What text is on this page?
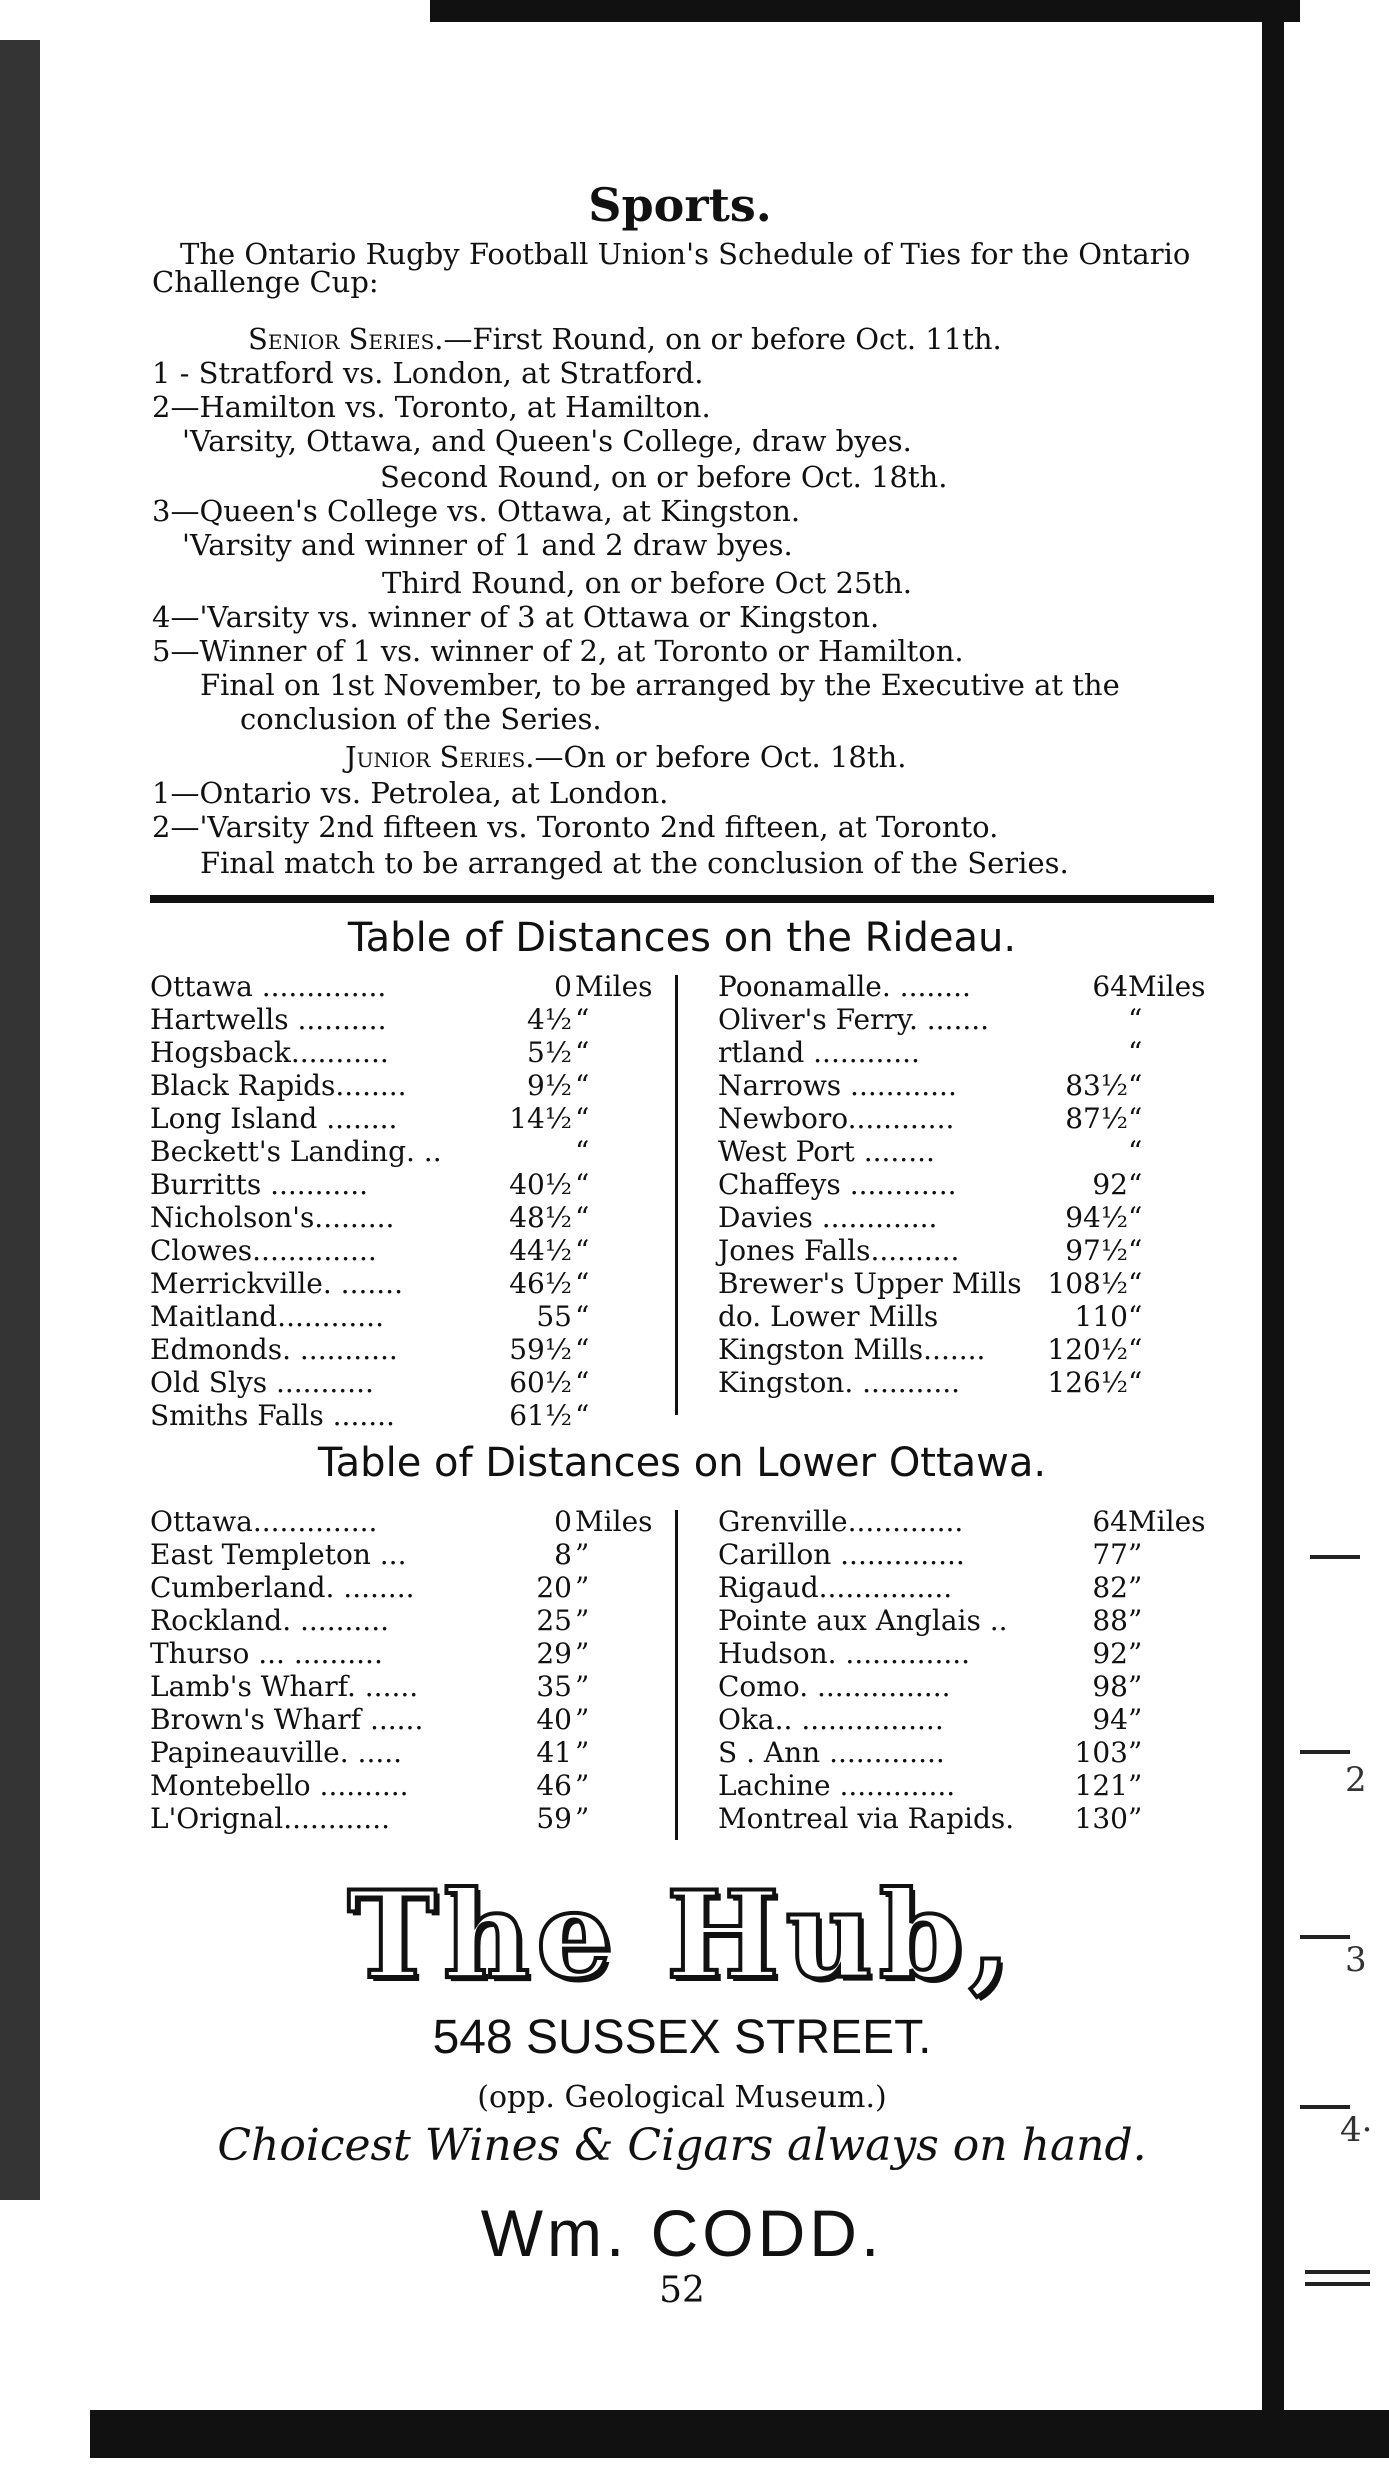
2
3
4·
Sports.
The Ontario Rugby Football Union's Schedule of Ties for the Ontario Challenge Cup:
Senior Series.—First Round, on or before Oct. 11th.
1 - Stratford vs. London, at Stratford.
2—Hamilton vs. Toronto, at Hamilton.
'Varsity, Ottawa, and Queen's College, draw byes.
Second Round, on or before Oct. 18th.
3—Queen's College vs. Ottawa, at Kingston.
'Varsity and winner of 1 and 2 draw byes.
Third Round, on or before Oct 25th.
4—'Varsity vs. winner of 3 at Ottawa or Kingston.
5—Winner of 1 vs. winner of 2, at Toronto or Hamilton.
Final on 1st November, to be arranged by the Executive at the
conclusion of the Series.
Junior Series.—On or before Oct. 18th.
1—Ontario vs. Petrolea, at London.
2—'Varsity 2nd fifteen vs. Toronto 2nd fifteen, at Toronto.
Final match to be arranged at the conclusion of the Series.
Table of Distances on the Rideau.
Ottawa ..............	0 Miles
Hartwells ..........	4½ “
Hogsback...........	5½ “
Black Rapids........	9½ “
Long Island ........	14½ “
Beckett's Landing. ..	“
Burritts ...........	40½ “
Nicholson's.........	48½ “
Clowes..............	44½ “
Merrickville. .......	46½ “
Maitland............	55 “
Edmonds. ...........	59½ “
Old Slys ...........	60½ “
Smiths Falls .......	61½ “
Poonamalle. ........	64 Miles
Oliver's Ferry. .......	“
rtland ............	“
Narrows ............	83½ “
Newboro............	87½ “
West Port ........	“
Chaffeys ............	92 “
Davies .............	94½ “
Jones Falls..........	97½ “
Brewer's Upper Mills 108½ “
do. Lower Mills	110 “
Kingston Mills....... 120½ “
Kingston. ...........	126½ “
Table of Distances on Lower Ottawa.
Ottawa..............	0 Miles
East Templeton ...	8 ”
Cumberland. ........	20 ”
Rockland. ..........	25 ”
Thurso ... ..........	29 ”
Lamb's Wharf. ......	35 ”
Brown's Wharf ......	40 ”
Papineauville. .....	41 ”
Montebello ..........	46 ”
L'Orignal............	59 ”
Grenville.............	64 Miles
Carillon ..............	77 ”
Rigaud...............	82 ”
Pointe aux Anglais ..	88 ”
Hudson. ..............	92 ”
Como. ...............	98 ”
Oka.. ................	94 ”
S . Ann .............	103 ”
Lachine .............	121 ”
Montreal via Rapids. 130 ”
The Hub,
548 SUSSEX STREET.
(opp. Geological Museum.)
Choicest Wines & Cigars always on hand.
Wm. CODD.
52
